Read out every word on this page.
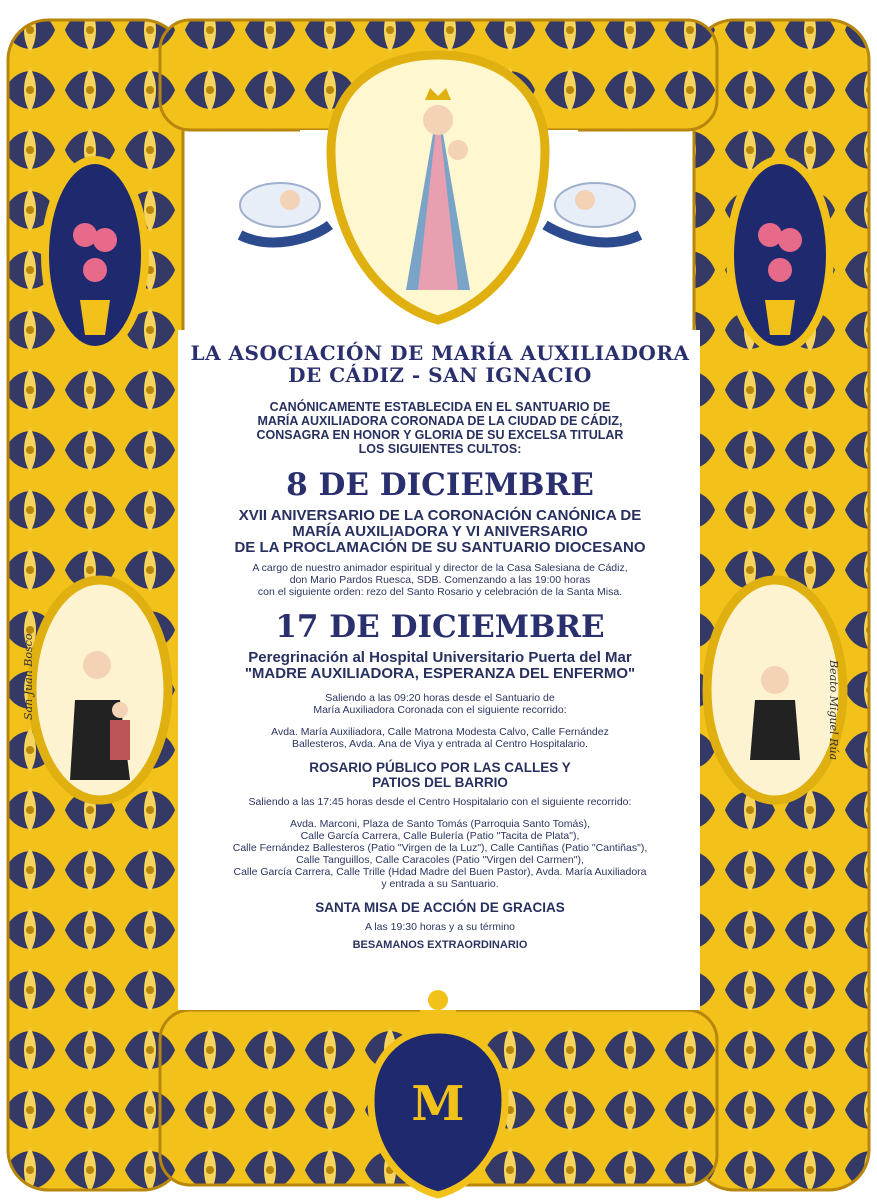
M
San Juan Bosco	Beato Miguel Rúa

LA ASOCIACIÓN DE MARÍA AUXILIADORA

DE CÁDIZ - SAN IGNACIO

CANÓNICAMENTE ESTABLECIDA EN EL SANTUARIO DE
MARÍA AUXILIADORA CORONADA DE LA CIUDAD DE CÁDIZ,
CONSAGRA EN HONOR Y GLORIA DE SU EXCELSA TITULAR
LOS SIGUIENTES CULTOS:

8 DE DICIEMBRE

XVII ANIVERSARIO DE LA CORONACIÓN CANÓNICA DE
MARÍA AUXILIADORA Y VI ANIVERSARIO
DE LA PROCLAMACIÓN DE SU SANTUARIO DIOCESANO
A cargo de nuestro animador espiritual y director de la Casa Salesiana de Cádiz,
don Mario Pardos Ruesca, SDB. Comenzando a las 19:00 horas
con el siguiente orden: rezo del Santo Rosario y celebración de la Santa Misa.

17 DE DICIEMBRE

Peregrinación al Hospital Universitario Puerta del Mar
"MADRE AUXILIADORA, ESPERANZA DEL ENFERMO"
Saliendo a las 09:20 horas desde el Santuario de
María Auxiliadora Coronada con el siguiente recorrido:
Avda. María Auxiliadora, Calle Matrona Modesta Calvo, Calle Fernández
Ballesteros, Avda. Ana de Viya y entrada al Centro Hospitalario.
ROSARIO PÚBLICO POR LAS CALLES Y
PATIOS DEL BARRIO

Saliendo a las 17:45 horas desde el Centro Hospitalario con el siguiente recorrido:

Avda. Marconi, Plaza de Santo Tomás (Parroquia Santo Tomás),
Calle García Carrera, Calle Bulería (Patio "Tacita de Plata"),
Calle Fernández Ballesteros (Patio "Virgen de la Luz"), Calle Cantiñas (Patio "Cantiñas"),
Calle Tanguillos, Calle Caracoles (Patio "Virgen del Carmen"),
Calle García Carrera, Calle Trille (Hdad Madre del Buen Pastor), Avda. María Auxiliadora
y entrada a su Santuario.

SANTA MISA DE ACCIÓN DE GRACIAS

A las 19:30 horas y a su término

BESAMANOS EXTRAORDINARIO
